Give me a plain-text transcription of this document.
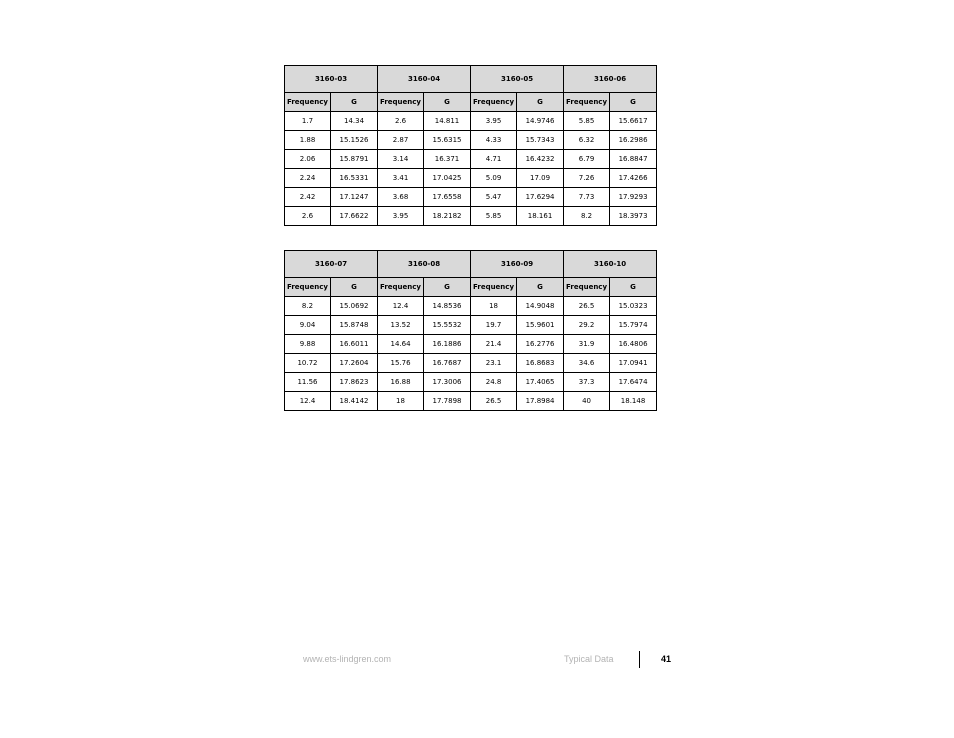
3160-03		3160-04		3160-05		3160-06	
Frequency	G	Frequency	G	Frequency	G	Frequency	G
1.7	14.34	2.6	14.811	3.95	14.9746	5.85	15.6617
1.88	15.1526	2.87	15.6315	4.33	15.7343	6.32	16.2986
2.06	15.8791	3.14	16.371	4.71	16.4232	6.79	16.8847
2.24	16.5331	3.41	17.0425	5.09	17.09	7.26	17.4266
2.42	17.1247	3.68	17.6558	5.47	17.6294	7.73	17.9293
2.6	17.6622	3.95	18.2182	5.85	18.161	8.2	18.3973
3160-07		3160-08		3160-09		3160-10	
Frequency	G	Frequency	G	Frequency	G	Frequency	G
8.2	15.0692	12.4	14.8536	18	14.9048	26.5	15.0323
9.04	15.8748	13.52	15.5532	19.7	15.9601	29.2	15.7974
9.88	16.6011	14.64	16.1886	21.4	16.2776	31.9	16.4806
10.72	17.2604	15.76	16.7687	23.1	16.8683	34.6	17.0941
11.56	17.8623	16.88	17.3006	24.8	17.4065	37.3	17.6474
12.4	18.4142	18	17.7898	26.5	17.8984	40	18.148
www.ets-lindgren.com	Typical Data	41
